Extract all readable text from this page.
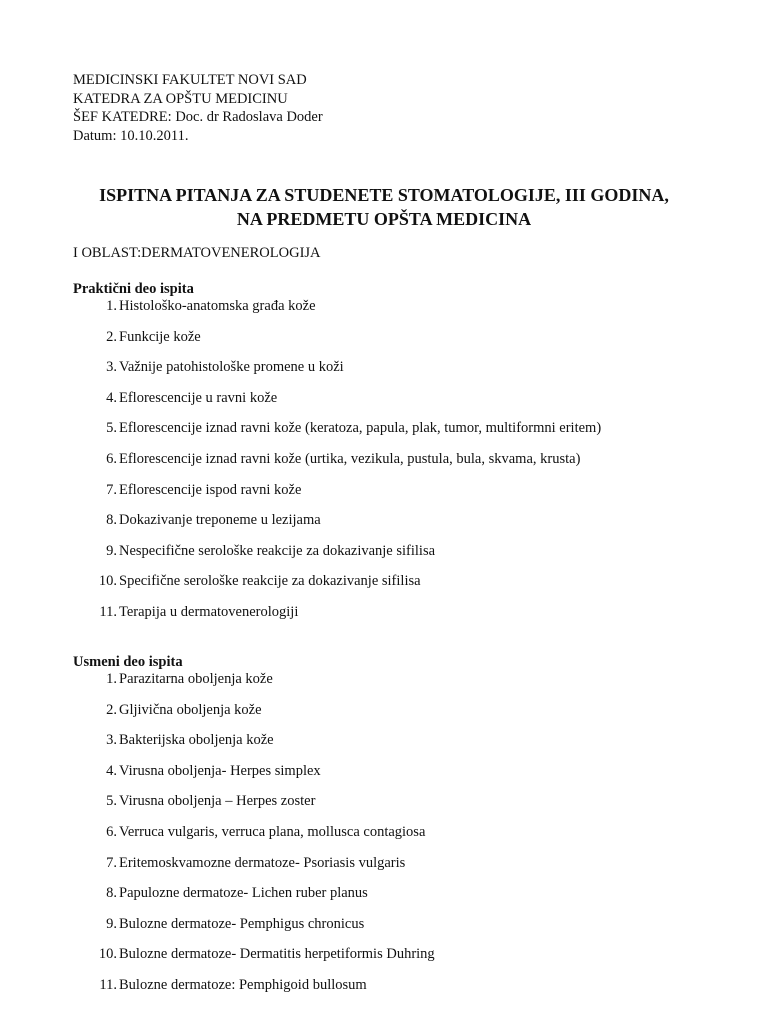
MEDICINSKI FAKULTET NOVI SAD
KATEDRA ZA OPŠTU MEDICINU
ŠEF KATEDRE: Doc. dr Radoslava Doder
Datum: 10.10.2011.
ISPITNA PITANJA ZA STUDENETE STOMATOLOGIJE, III GODINA,
NA PREDMETU OPŠTA MEDICINA
I OBLAST:DERMATOVENEROLOGIJA
Praktični deo ispita
1. Histološko-anatomska građa kože
2. Funkcije kože
3. Važnije patohistološke promene u koži
4. Eflorescencije u ravni kože
5. Eflorescencije iznad ravni kože (keratoza, papula, plak, tumor, multiformni eritem)
6. Eflorescencije iznad ravni kože (urtika, vezikula, pustula, bula, skvama, krusta)
7. Eflorescencije ispod ravni kože
8. Dokazivanje treponeme u lezijama
9. Nespecifične serološke reakcije za dokazivanje sifilisa
10. Specifične serološke reakcije za dokazivanje sifilisa
11. Terapija u dermatovenerologiji
Usmeni deo ispita
1. Parazitarna oboljenja kože
2. Gljivična oboljenja kože
3. Bakterijska oboljenja kože
4. Virusna oboljenja- Herpes simplex
5. Virusna oboljenja – Herpes zoster
6. Verruca vulgaris, verruca plana, mollusca contagiosa
7. Eritemoskvamozne dermatoze- Psoriasis vulgaris
8. Papulozne dermatoze- Lichen ruber planus
9. Bulozne dermatoze- Pemphigus chronicus
10. Bulozne dermatoze- Dermatitis herpetiformis Duhring
11. Bulozne dermatoze: Pemphigoid bullosum
